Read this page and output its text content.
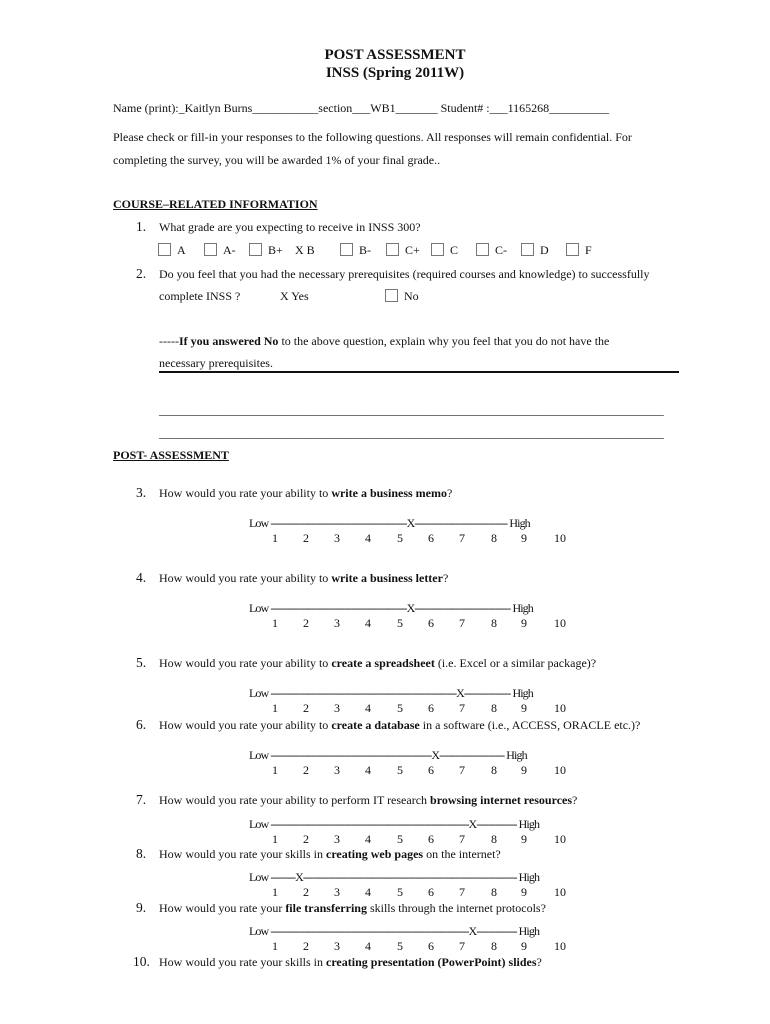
POST ASSESSMENT
INSS (Spring 2011W)
Name (print):_Kaitlyn Burns___________section___WB1_______ Student# :___1165268__________
Please check or fill-in your responses to the following questions. All responses will remain confidential. For
completing the survey, you will be awarded 1% of your final grade..
COURSE–RELATED INFORMATION
1. What grade are you expecting to receive in INSS 300?
A	A-	B+ X B	B-	C+	C	C-	D	F
2. Do you feel that you had the necessary prerequisites (required courses and knowledge) to successfully
complete INSS ?	X Yes	No
-----If you answered No to the above question, explain why you feel that you do not have the
necessary prerequisites.
_______________________________________________________________________________________
_______________________________________________________________________________________
POST- ASSESSMENT
3. How would you rate your ability to write a business memo?
Low --------------------------------------------X------------------------------ High
1 2 3 4 5 6 7 8 9 10
4. How would you rate your ability to write a business letter?
Low --------------------------------------------X------------------------------- High
1 2 3 4 5 6 7 8 9 10
5. How would you rate your ability to create a spreadsheet (i.e. Excel or a similar package)?
Low ------------------------------------------------------------X--------------- High
1 2 3 4 5 6 7 8 9 10
6. How would you rate your ability to create a database in a software (i.e., ACCESS, ORACLE etc.)?
Low ----------------------------------------------------X--------------------- High
1 2 3 4 5 6 7 8 9 10
7. How would you rate your ability to perform IT research browsing internet resources?
Low ----------------------------------------------------------------X------------- High
1 2 3 4 5 6 7 8 9 10
8. How would you rate your skills in creating web pages on the internet?
Low --------X--------------------------------------------------------------------- High
1 2 3 4 5 6 7 8 9 10
9. How would you rate your file transferring skills through the internet protocols?
Low ----------------------------------------------------------------X------------- High
1 2 3 4 5 6 7 8 9 10
10. How would you rate your skills in creating presentation (PowerPoint) slides?
